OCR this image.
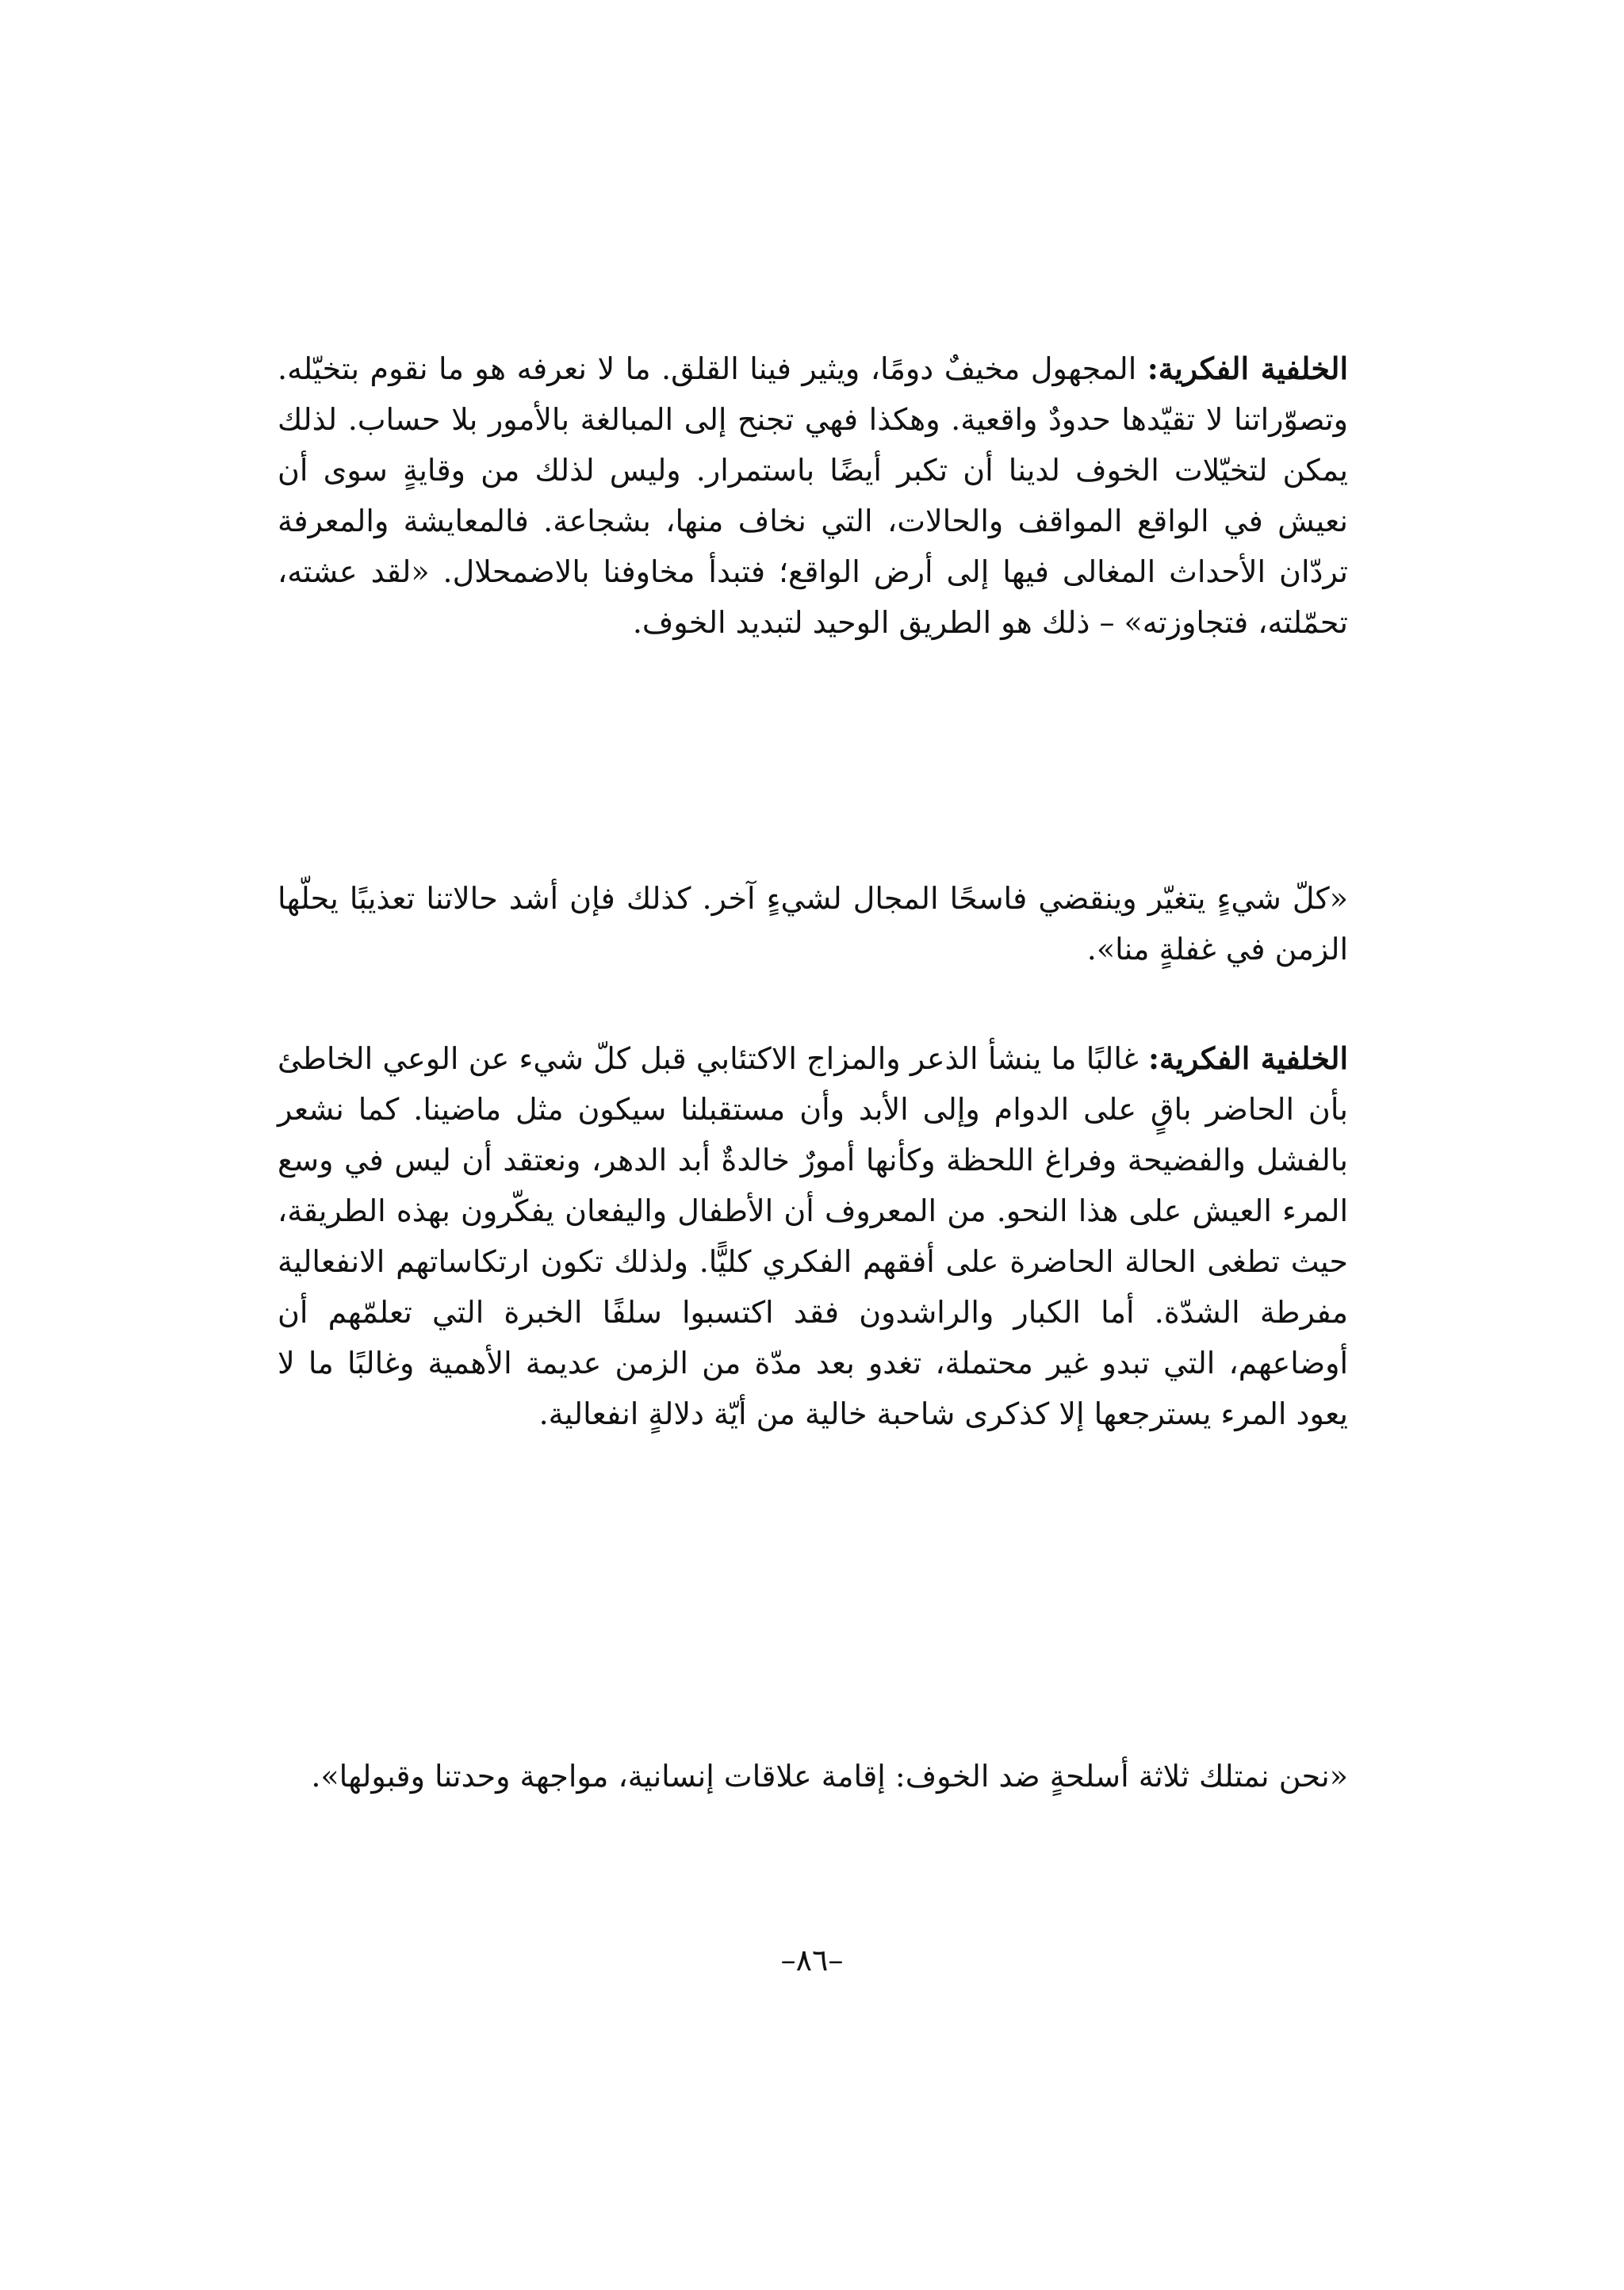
الخلفية الفكرية: المجهول مخيفٌ دومًا، ويثير فينا القلق. ما لا نعرفه هو ما نقوم بتخيّله. وتصوّراتنا لا تقيّدها حدودٌ واقعية. وهكذا فهي تجنح إلى المبالغة بالأمور بلا حساب. لذلك يمكن لتخيّلات الخوف لدينا أن تكبر أيضًا باستمرار. وليس لذلك من وقايةٍ سوى أن نعيش في الواقع المواقف والحالات، التي نخاف منها، بشجاعة. فالمعايشة والمعرفة تردّان الأحداث المغالى فيها إلى أرض الواقع؛ فتبدأ مخاوفنا بالاضمحلال. «لقد عشته، تحمّلته، فتجاوزته» – ذلك هو الطريق الوحيد لتبديد الخوف.

«كلّ شيءٍ يتغيّر وينقضي فاسحًا المجال لشيءٍ آخر. كذلك فإن أشد حالاتنا تعذيبًا يحلّها الزمن في غفلةٍ منا».

الخلفية الفكرية: غالبًا ما ينشأ الذعر والمزاج الاكتئابي قبل كلّ شيء عن الوعي الخاطئ بأن الحاضر باقٍ على الدوام وإلى الأبد وأن مستقبلنا سيكون مثل ماضينا. كما نشعر بالفشل والفضيحة وفراغ اللحظة وكأنها أمورٌ خالدةٌ أبد الدهر، ونعتقد أن ليس في وسع المرء العيش على هذا النحو. من المعروف أن الأطفال واليفعان يفكّرون بهذه الطريقة، حيث تطغى الحالة الحاضرة على أفقهم الفكري كليًّا. ولذلك تكون ارتكاساتهم الانفعالية مفرطة الشدّة. أما الكبار والراشدون فقد اكتسبوا سلفًا الخبرة التي تعلمّهم أن أوضاعهم، التي تبدو غير محتملة، تغدو بعد مدّة من الزمن عديمة الأهمية وغالبًا ما لا يعود المرء يسترجعها إلا كذكرى شاحبة خالية من أيّة دلالةٍ انفعالية.

«نحن نمتلك ثلاثة أسلحةٍ ضد الخوف: إقامة علاقات إنسانية، مواجهة وحدتنا وقبولها».

–٨٦–
